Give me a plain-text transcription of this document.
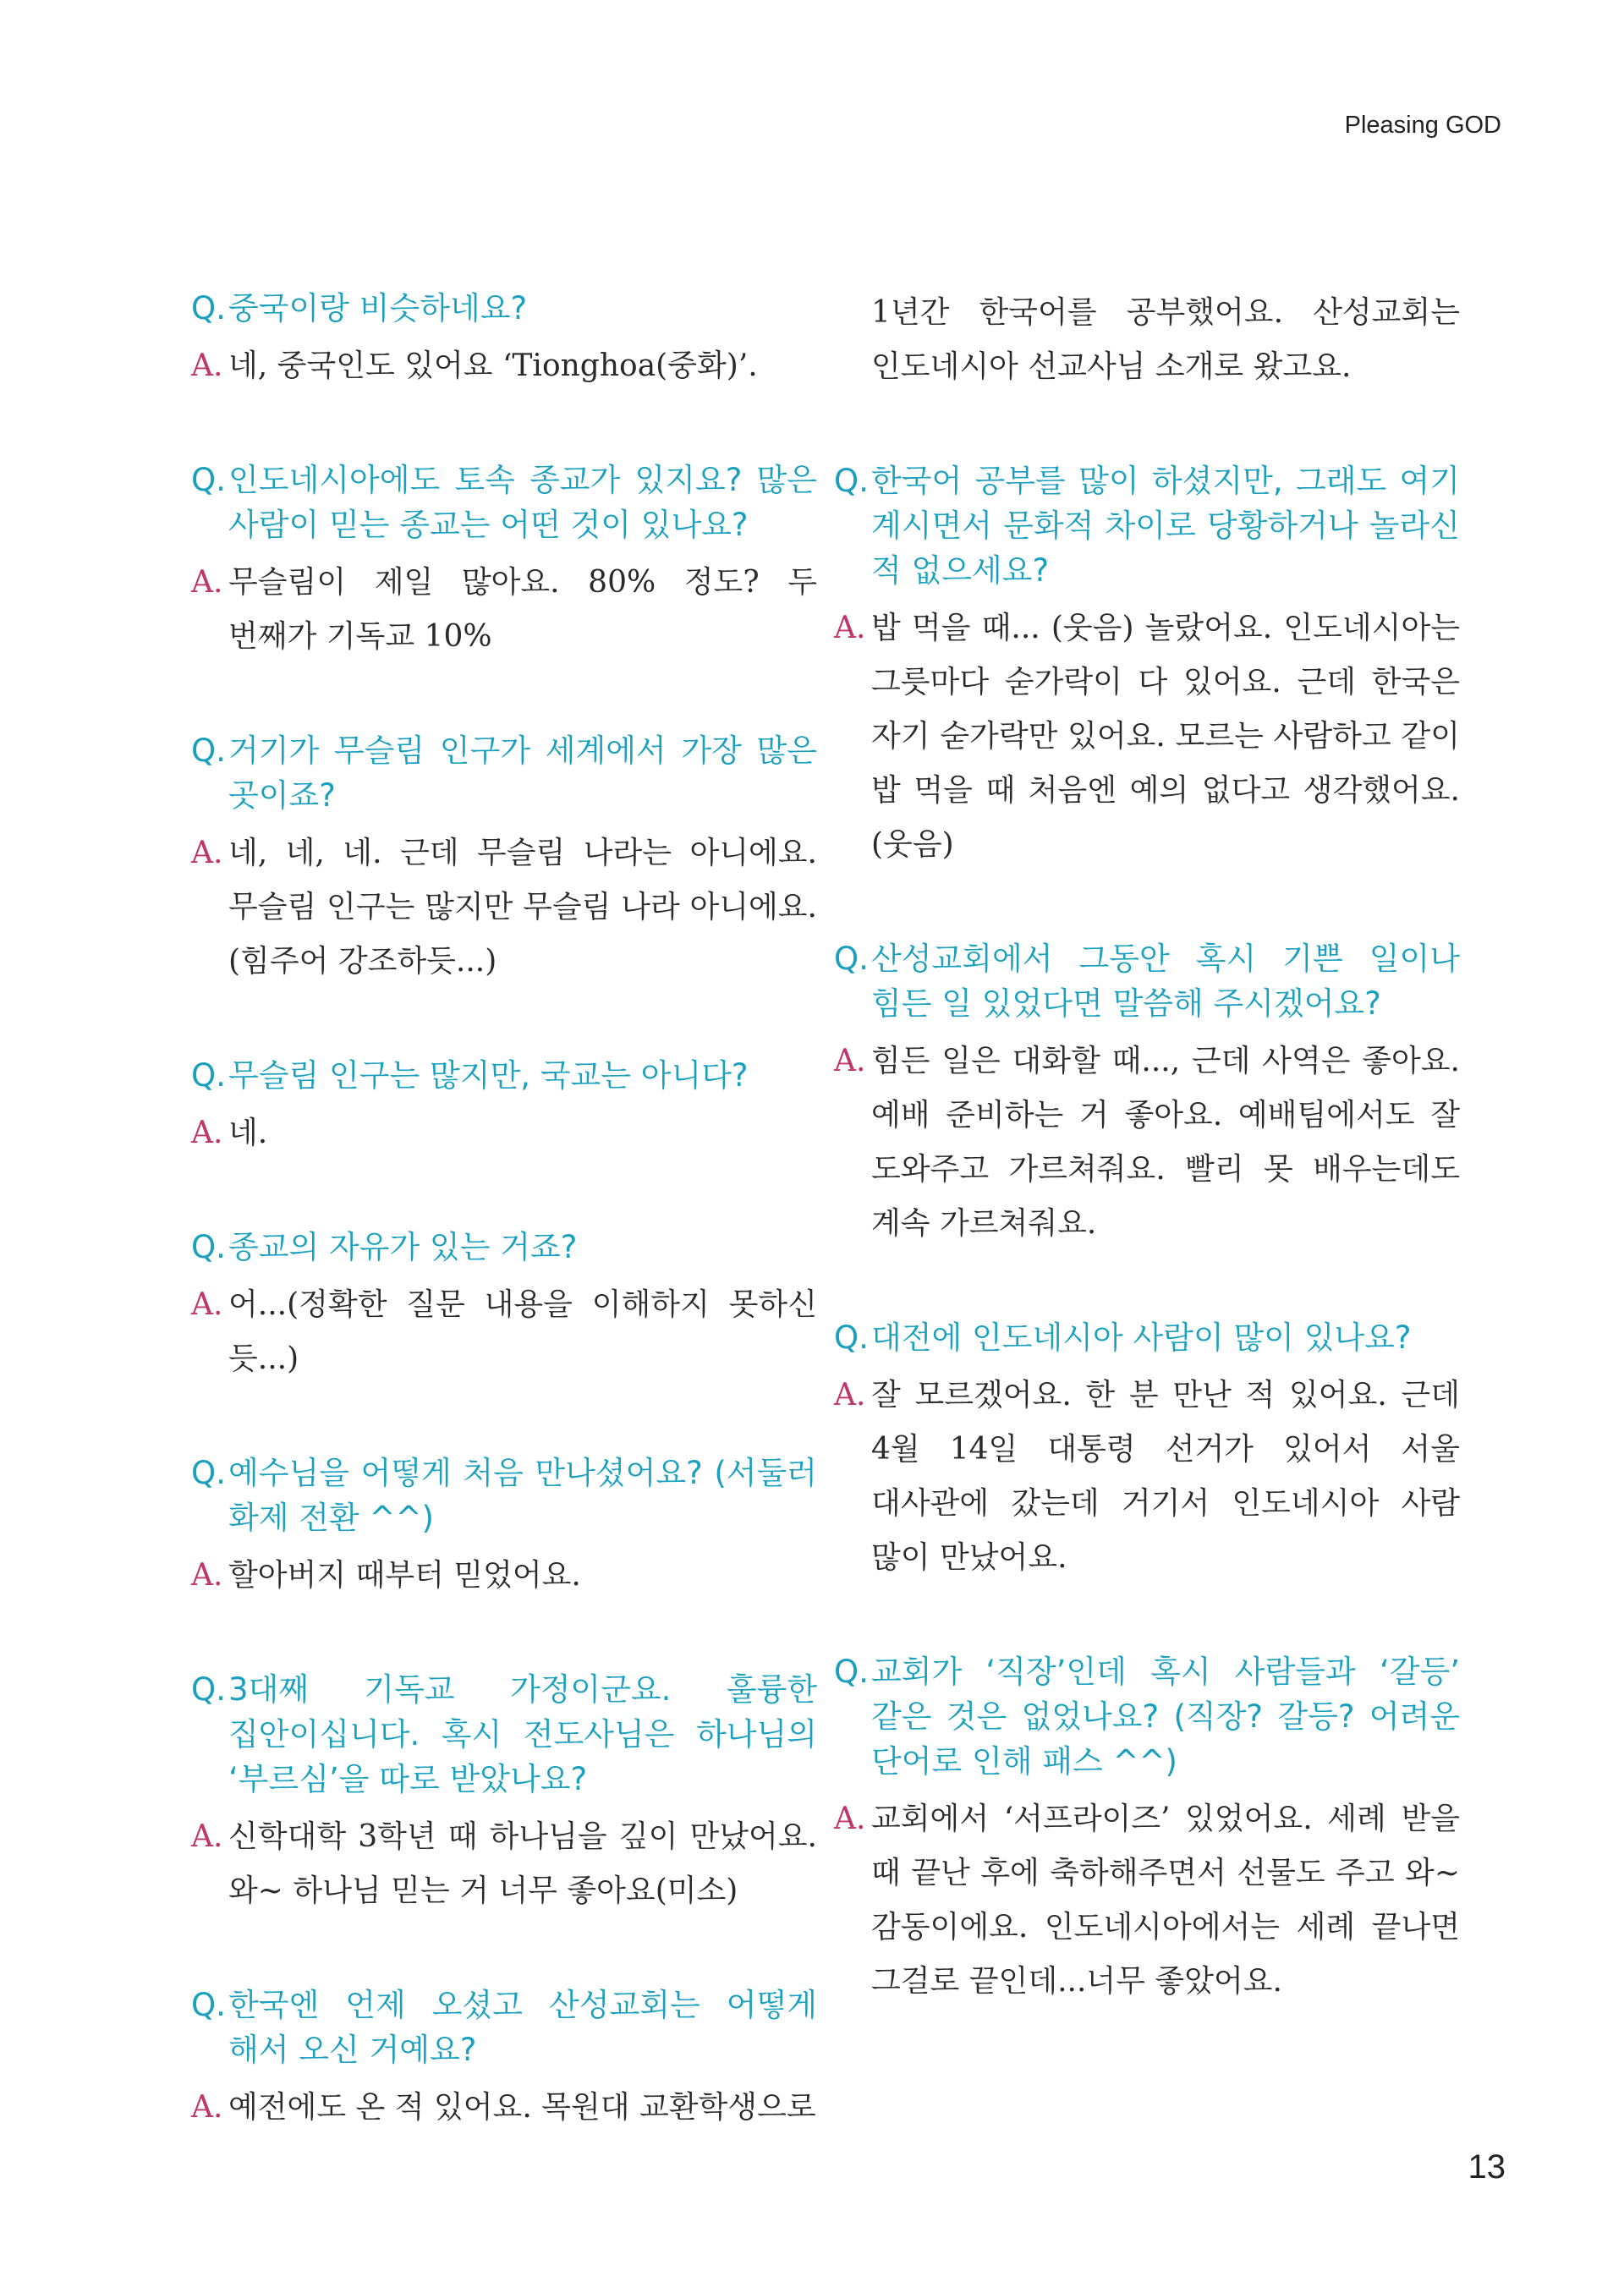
Pleasing GOD
Q. 중국이랑 비슷하네요?
A. 네, 중국인도 있어요 ‘Tionghoa(중화)’.
Q. 인도네시아에도 토속 종교가 있지요? 많은 사람이 믿는 종교는 어떤 것이 있나요?
A. 무슬림이 제일 많아요. 80% 정도? 두 번째가 기독교 10%
Q. 거기가 무슬림 인구가 세계에서 가장 많은 곳이죠?
A. 네, 네, 네. 근데 무슬림 나라는 아니에요. 무슬림 인구는 많지만 무슬림 나라 아니에요. (힘주어 강조하듯...)
Q. 무슬림 인구는 많지만, 국교는 아니다?
A. 네.
Q. 종교의 자유가 있는 거죠?
A. 어...(정확한 질문 내용을 이해하지 못하신 듯...)
Q. 예수님을 어떻게 처음 만나셨어요? (서둘러 화제 전환 ^^)
A. 할아버지 때부터 믿었어요.
Q. 3대째 기독교 가정이군요. 훌륭한 집안이십니다. 혹시 전도사님은 하나님의 ‘부르심’을 따로 받았나요?
A. 신학대학 3학년 때 하나님을 깊이 만났어요. 와~ 하나님 믿는 거 너무 좋아요(미소)
Q. 한국엔 언제 오셨고 산성교회는 어떻게 해서 오신 거예요?
A. 예전에도 온 적 있어요. 목원대 교환학생으로
1년간 한국어를 공부했어요. 산성교회는 인도네시아 선교사님 소개로 왔고요.
Q. 한국어 공부를 많이 하셨지만, 그래도 여기 계시면서 문화적 차이로 당황하거나 놀라신 적 없으세요?
A. 밥 먹을 때... (웃음) 놀랐어요. 인도네시아는 그릇마다 숟가락이 다 있어요. 근데 한국은 자기 숟가락만 있어요. 모르는 사람하고 같이 밥 먹을 때 처음엔 예의 없다고 생각했어요. (웃음)
Q. 산성교회에서 그동안 혹시 기쁜 일이나 힘든 일 있었다면 말씀해 주시겠어요?
A. 힘든 일은 대화할 때..., 근데 사역은 좋아요. 예배 준비하는 거 좋아요. 예배팀에서도 잘 도와주고 가르쳐줘요. 빨리 못 배우는데도 계속 가르쳐줘요.
Q. 대전에 인도네시아 사람이 많이 있나요?
A. 잘 모르겠어요. 한 분 만난 적 있어요. 근데 4월 14일 대통령 선거가 있어서 서울 대사관에 갔는데 거기서 인도네시아 사람 많이 만났어요.
Q. 교회가 ‘직장’인데 혹시 사람들과 ‘갈등’ 같은 것은 없었나요? (직장? 갈등? 어려운 단어로 인해 패스 ^^)
A. 교회에서 ‘서프라이즈’ 있었어요. 세례 받을 때 끝난 후에 축하해주면서 선물도 주고 와~ 감동이에요. 인도네시아에서는 세례 끝나면 그걸로 끝인데...너무 좋았어요.
13
